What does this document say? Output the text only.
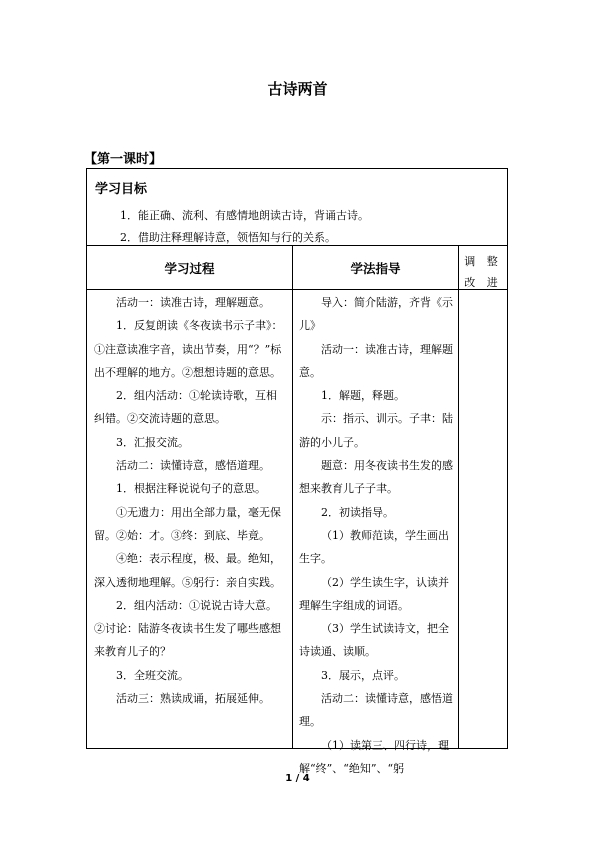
古诗两首
【第一课时】
学习目标
1．能正确、流利、有感情地朗读古诗，背诵古诗。
2．借助注释理解诗意，领悟知与行的关系。
学习过程	学法指导	调 整
改 进

活动一：读准古诗，理解题意。

1．反复朗读《冬夜读书示子聿》：①注意读准字音，读出节奏，用“？”标出不理解的地方。②想想诗题的意思。

2．组内活动：①轮读诗歌，互相纠错。②交流诗题的意思。

3．汇报交流。

活动二：读懂诗意，感悟道理。

1．根据注释说说句子的意思。

①无遗力：用出全部力量，毫无保留。②始：才。③终：到底、毕竟。

④绝：表示程度，极、最。绝知，深入透彻地理解。⑤躬行：亲自实践。

2．组内活动：①说说古诗大意。②讨论：陆游冬夜读书生发了哪些感想来教育儿子的？

3．全班交流。

活动三：熟读成诵，拓展延伸。

导入：简介陆游，齐背《示儿》

活动一：读准古诗，理解题意。

1．解题，释题。

示：指示、训示。子聿：陆游的小儿子。

题意：用冬夜读书生发的感想来教育儿子子聿。

2．初读指导。

（1）教师范读，学生画出生字。

（2）学生读生字，认读并理解生字组成的词语。

（3）学生试读诗文，把全诗读通、读顺。

3．展示，点评。

活动二：读懂诗意，感悟道理。

（1）读第三、四行诗，理解“终”、“绝知”、“躬

1 / 4
